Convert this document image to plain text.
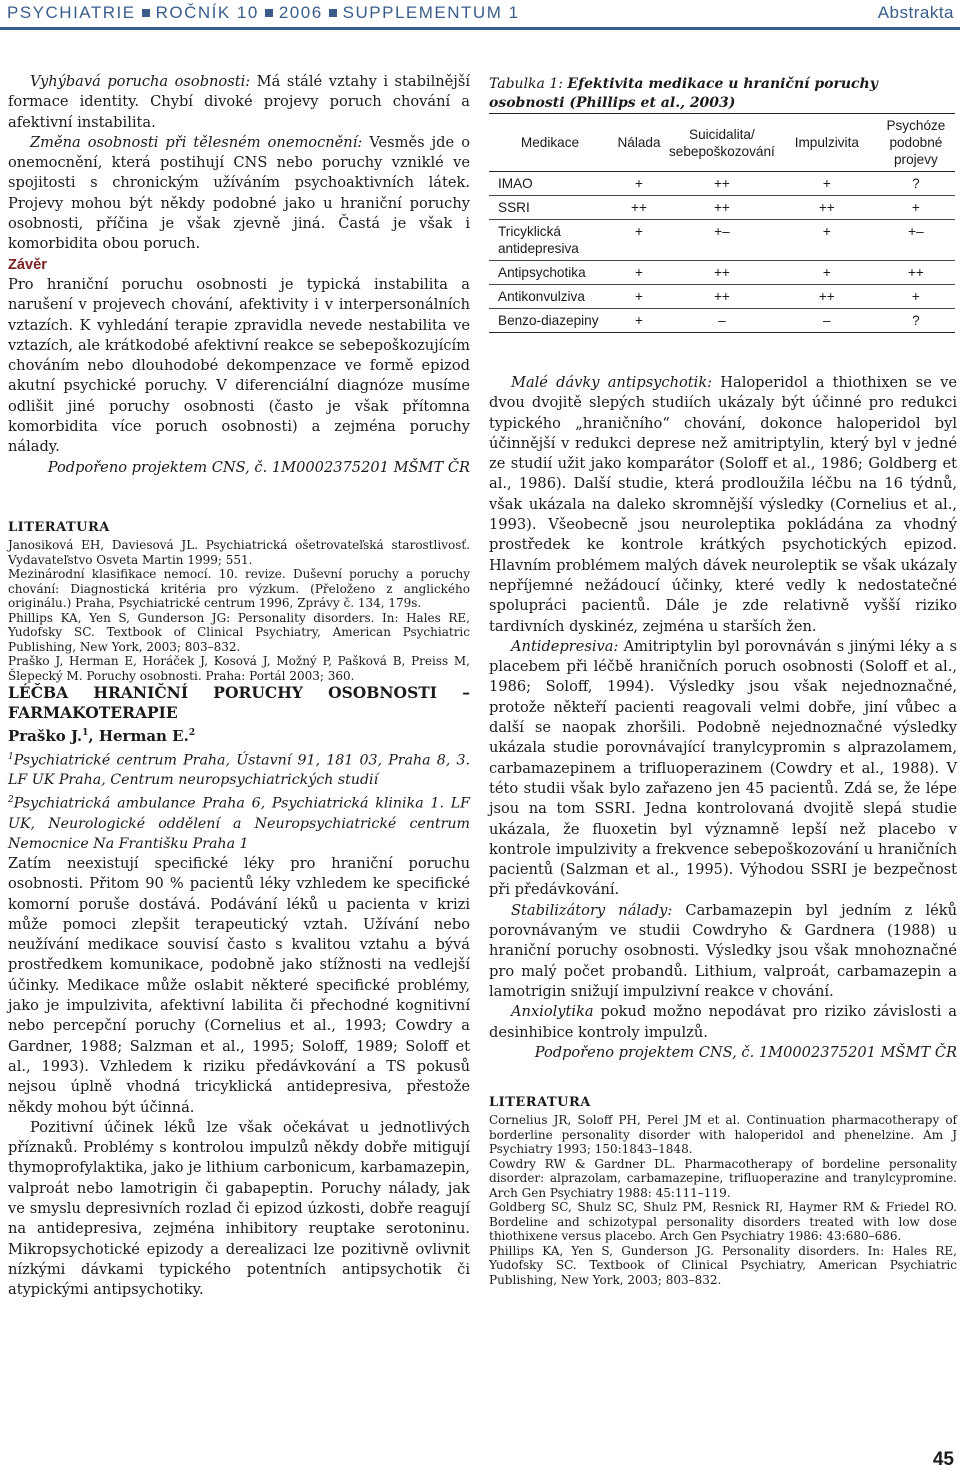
PSYCHIATRIE ROČNÍK 10 2006 SUPPLEMENTUM 1	Abstrakta

Vyhýbavá porucha osobnosti: Má stálé vztahy i stabilnější formace identity. Chybí divoké projevy poruch chování a afektivní instabilita.

Změna osobnosti při tělesném onemocnění: Vesměs jde o onemocnění, která postihují CNS nebo poruchy vzniklé ve spojitosti s chronickým užíváním psychoaktivních látek. Projevy mohou být někdy podobné jako u hraniční poruchy osobnosti, příčina je však zjevně jiná. Častá je však i komorbidita obou poruch.

Závěr

Pro hraniční poruchu osobnosti je typická instabilita a narušení v projevech chování, afektivity i v interpersonálních vztazích. K vyhledání terapie zpravidla nevede nestabilita ve vztazích, ale krátkodobé afektivní reakce se sebepoškozujícím chováním nebo dlouhodobé dekompenzace ve formě epizod akutní psychické poruchy. V diferenciální diagnóze musíme odlišit jiné poruchy osobnosti (často je však přítomna komorbidita více poruch osobnosti) a zejména poruchy nálady.

Podpořeno projektem CNS, č. 1M0002375201 MŠMT ČR

LITERATURA

Janosiková EH, Daviesová JL. Psychiatrická ošetrovateľská starostlivosť. Vydavateľstvo Osveta Martin 1999; 551.

Mezinárodní klasifikace nemocí. 10. revize. Duševní poruchy a poruchy chování: Diagnostická kritéria pro výzkum. (Přeloženo z anglického originálu.) Praha, Psychiatrické centrum 1996, Zprávy č. 134, 179s.

Phillips KA, Yen S, Gunderson JG: Personality disorders. In: Hales RE, Yudofsky SC. Textbook of Clinical Psychiatry, American Psychiatric Publishing, New York, 2003; 803–832.

Praško J, Herman E, Horáček J, Kosová J, Možný P, Pašková B, Preiss M, Šlepecký M. Poruchy osobnosti. Praha: Portál 2003; 360.

LÉČBA HRANIČNÍ PORUCHY OSOBNOSTI – FARMAKOTERAPIE

Praško J.$^1$, Herman E.$^2$

$^1$Psychiatrické centrum Praha, Ústavní 91, 181 03, Praha 8, 3. LF UK Praha, Centrum neuropsychiatrických studií
$^2$Psychiatrická ambulance Praha 6, Psychiatrická klinika 1. LF UK, Neurologické oddělení a Neuropsychiatrické centrum Nemocnice Na Františku Praha 1

Zatím neexistují specifické léky pro hraniční poruchu osobnosti. Přitom 90 % pacientů léky vzhledem ke specifické komorní poruše dostává. Podávání léků u pacienta v krizi může pomoci zlepšit terapeutický vztah. Užívání nebo neužívání medikace souvisí často s kvalitou vztahu a bývá prostředkem komunikace, podobně jako stížnosti na vedlejší účinky. Medikace může oslabit některé specifické problémy, jako je impulzivita, afektivní labilita či přechodné kognitivní nebo percepční poruchy (Cornelius et al., 1993; Cowdry a Gardner, 1988; Salzman et al., 1995; Soloff, 1989; Soloff et al., 1993). Vzhledem k riziku předávkování a TS pokusů nejsou úplně vhodná tricyklická antidepresiva, přestože někdy mohou být účinná.

Pozitivní účinek léků lze však očekávat u jednotlivých příznaků. Problémy s kontrolou impulzů někdy dobře mitigují thymoprofylaktika, jako je lithium carbonicum, karbamazepin, valproát nebo lamotrigin či gabapeptin. Poruchy nálady, jak ve smyslu depresivních rozlad či epizod úzkosti, dobře reagují na antidepresiva, zejména inhibitory reuptake serotoninu. Mikropsychotické epizody a derealizaci lze pozitivně ovlivnit nízkými dávkami typického potentních antipsychotik či atypickými antipsychotiky.

Tabulka 1: Efektivita medikace u hraniční poruchy osobnosti (Phillips et al., 2003)

Medikace	Nálada	Suicidalita/ sebepoškozování	Impulzivita	Psychóze podobné projevy
IMAO	+	++	+	?
SSRI	++	++	++	+
Tricyklická antidepresiva	+	+–	+	+–
Antipsychotika	+	++	+	++
Antikonvulziva	+	++	++	+
Benzo-diazepiny	+	–	–	?

Malé dávky antipsychotik: Haloperidol a thiothixen se ve dvou dvojitě slepých studiích ukázaly být účinné pro redukci typického „hraničního“ chování, dokonce haloperidol byl účinnější v redukci deprese než amitriptylin, který byl v jedné ze studií užit jako komparátor (Soloff et al., 1986; Goldberg et al., 1986). Další studie, která prodloužila léčbu na 16 týdnů, však ukázala na daleko skromnější výsledky (Cornelius et al., 1993). Všeobecně jsou neuroleptika pokládána za vhodný prostředek ke kontrole krátkých psychotických epizod. Hlavním problémem malých dávek neuroleptik se však ukázaly nepříjemné nežádoucí účinky, které vedly k nedostatečné spolupráci pacientů. Dále je zde relativně vyšší riziko tardivních dyskinéz, zejména u starších žen.

Antidepresiva: Amitriptylin byl porovnáván s jinými léky a s placebem při léčbě hraničních poruch osobnosti (Soloff et al., 1986; Soloff, 1994). Výsledky jsou však nejednoznačné, protože někteří pacienti reagovali velmi dobře, jiní vůbec a další se naopak zhoršili. Podobně nejednoznačné výsledky ukázala studie porovnávající tranylcypromin s alprazolamem, carbamazepinem a trifluoperazinem (Cowdry et al., 1988). V této studii však bylo zařazeno jen 45 pacientů. Zdá se, že lépe jsou na tom SSRI. Jedna kontrolovaná dvojitě slepá studie ukázala, že fluoxetin byl významně lepší než placebo v kontrole impulzivity a frekvence sebepoškozování u hraničních pacientů (Salzman et al., 1995). Výhodou SSRI je bezpečnost při předávkování.

Stabilizátory nálady: Carbamazepin byl jedním z léků porovnávaným ve studii Cowdryho & Gardnera (1988) u hraniční poruchy osobnosti. Výsledky jsou však mnohoznačné pro malý počet probandů. Lithium, valproát, carbamazepin a lamotrigin snižují impulzivní reakce v chování.

Anxiolytika pokud možno nepodávat pro riziko závislosti a desinhibice kontroly impulzů.

Podpořeno projektem CNS, č. 1M0002375201 MŠMT ČR

LITERATURA

Cornelius JR, Soloff PH, Perel JM et al. Continuation pharmacotherapy of borderline personality disorder with haloperidol and phenelzine. Am J Psychiatry 1993; 150:1843–1848.

Cowdry RW & Gardner DL. Pharmacotherapy of bordeline personality disorder: alprazolam, carbamazepine, trifluoperazine and tranylcypromine. Arch Gen Psychiatry 1988: 45:111–119.

Goldberg SC, Shulz SC, Shulz PM, Resnick RI, Haymer RM & Friedel RO. Bordeline and schizotypal personality disorders treated with low dose thiothixene versus placebo. Arch Gen Psychiatry 1986: 43:680–686.

Phillips KA, Yen S, Gunderson JG. Personality disorders. In: Hales RE, Yudofsky SC. Textbook of Clinical Psychiatry, American Psychiatric Publishing, New York, 2003; 803–832.

45
